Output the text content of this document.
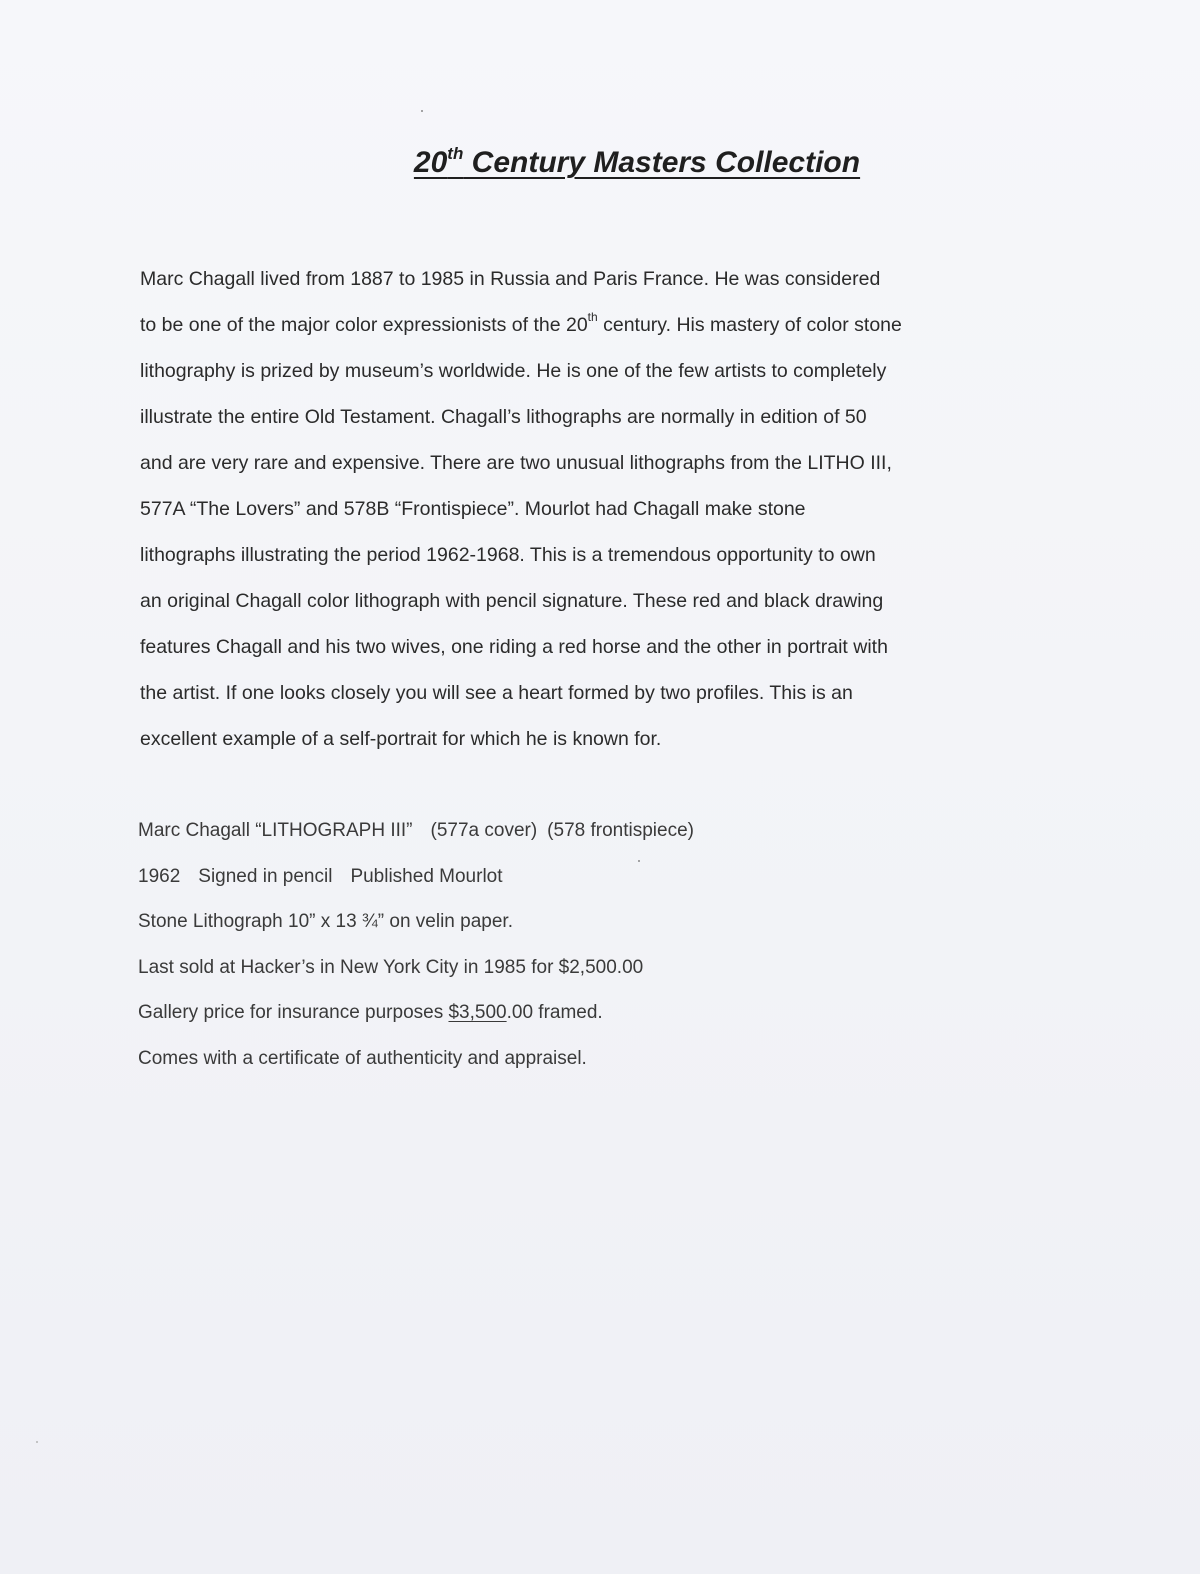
20th Century Masters Collection

Marc Chagall lived from 1887 to 1985 in Russia and Paris France. He was considered
to be one of the major color expressionists of the 20th century. His mastery of color stone
lithography is prized by museum’s worldwide. He is one of the few artists to completely
illustrate the entire Old Testament. Chagall’s lithographs are normally in edition of 50
and are very rare and expensive. There are two unusual lithographs from the LITHO III,
577A “The Lovers” and 578B “Frontispiece”. Mourlot had Chagall make stone
lithographs illustrating the period 1962-1968. This is a tremendous opportunity to own
an original Chagall color lithograph with pencil signature. These red and black drawing
features Chagall and his two wives, one riding a red horse and the other in portrait with
the artist. If one looks closely you will see a heart formed by two profiles. This is an
excellent example of a self-portrait for which he is known for.

Marc Chagall “LITHOGRAPH III” (577a cover) (578 frontispiece)
1962 Signed in pencil Published Mourlot
Stone Lithograph 10” x 13 ¾” on velin paper.
Last sold at Hacker’s in New York City in 1985 for $2,500.00
Gallery price for insurance purposes $3,500.00 framed.
Comes with a certificate of authenticity and appraisel.
